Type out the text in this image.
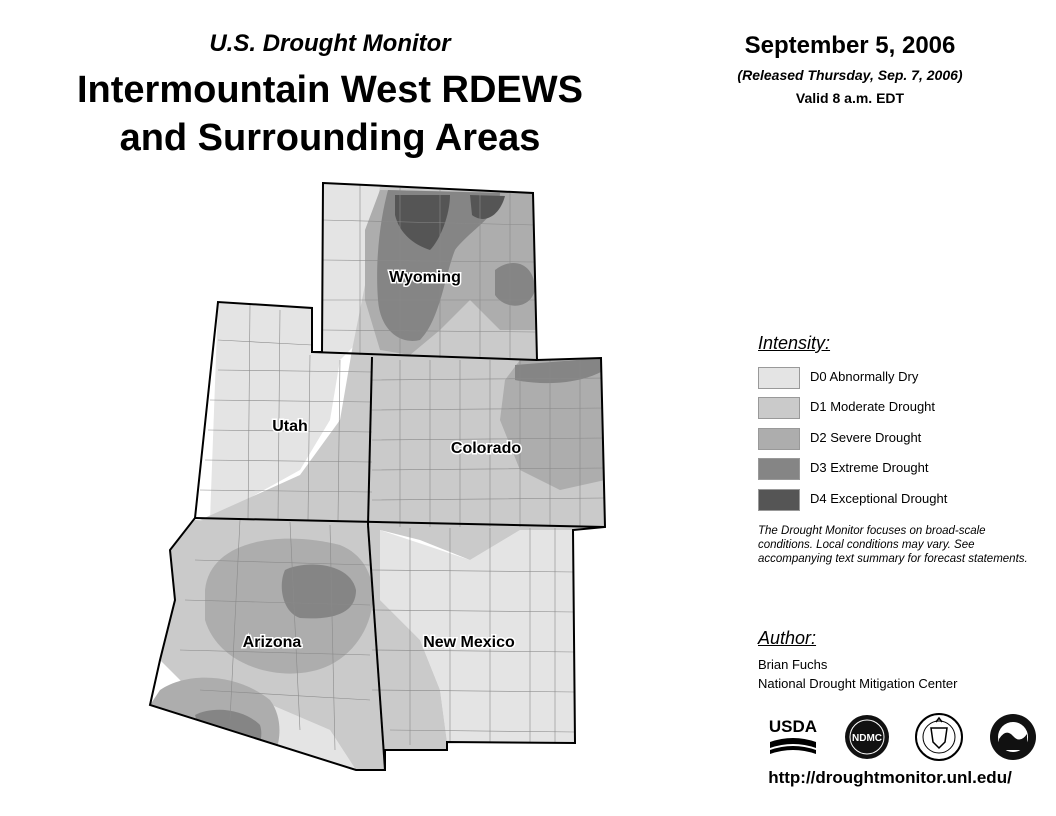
U.S. Drought Monitor
Intermountain West RDEWS
and Surrounding Areas
September 5, 2006
(Released Thursday, Sep. 7, 2006)
Valid 8 a.m. EDT
Wyoming
Utah
Colorado
Arizona	New Mexico
Intensity:
D0 Abnormally Dry
D1 Moderate Drought
D2 Severe Drought
D3 Extreme Drought
D4 Exceptional Drought
The Drought Monitor focuses on broad-scale conditions. Local conditions may vary. See accompanying text summary for forecast statements.
Author:
Brian Fuchs
National Drought Mitigation Center
USDA
NDMC
http://droughtmonitor.unl.edu/
